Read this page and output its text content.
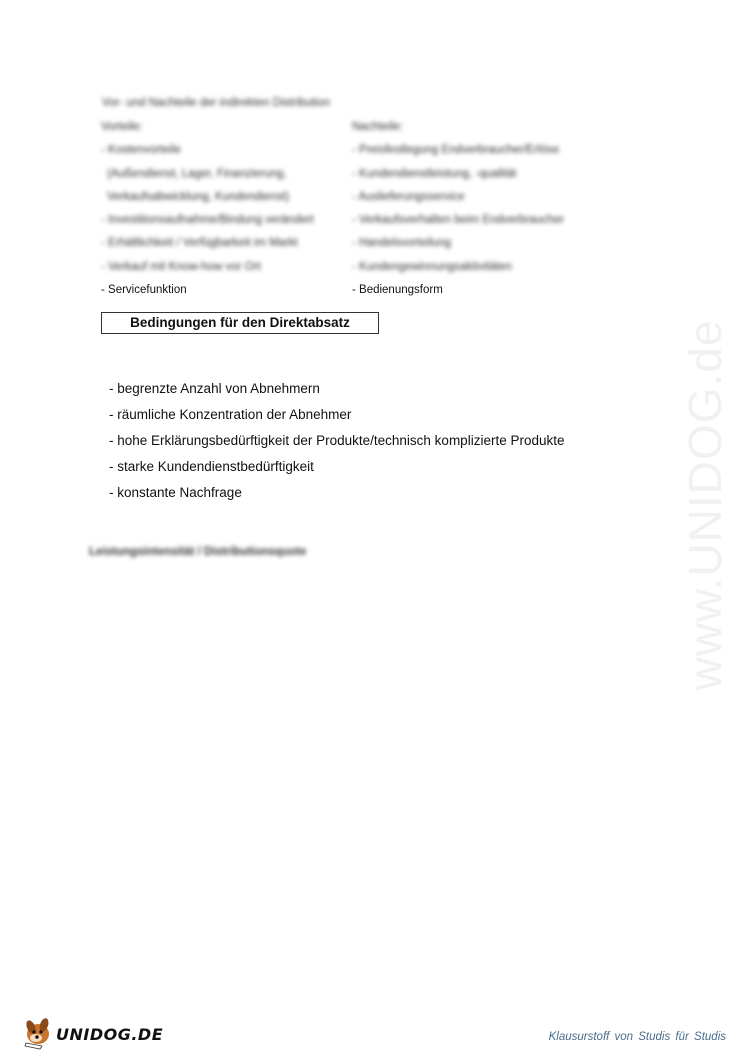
www.UNIDOG.de
Vor- und Nachteile der indirekten Distribution
Vorteile:
- Kostenvorteile
(Außendienst, Lager, Finanzierung,
Verkaufsabwicklung, Kundendienst)
- Investitionsaufnahme/Bindung verändert
- Erhältlichkeit / Verfügbarkeit im Markt
- Verkauf mit Know-how vor Ort
- Servicefunktion
Nachteile:
- Preisfestlegung Endverbraucher/Erlöse
- Kundendienstleistung, -qualität
- Auslieferungsservice
- Verkaufsverhalten beim Endverbraucher
- Handelsvorteilung
- Kundengewinnungsaktivitäten
- Bedienungsform
Bedingungen für den Direktabsatz
- begrenzte Anzahl von Abnehmern
- räumliche Konzentration der Abnehmer
- hohe Erklärungsbedürftigkeit der Produkte/technisch komplizierte Produkte
- starke Kundendienstbedürftigkeit
- konstante Nachfrage
Leistungsintensität / Distributionsquote
UNIDOG.DE	Klausurstoff von Studis für Studis
